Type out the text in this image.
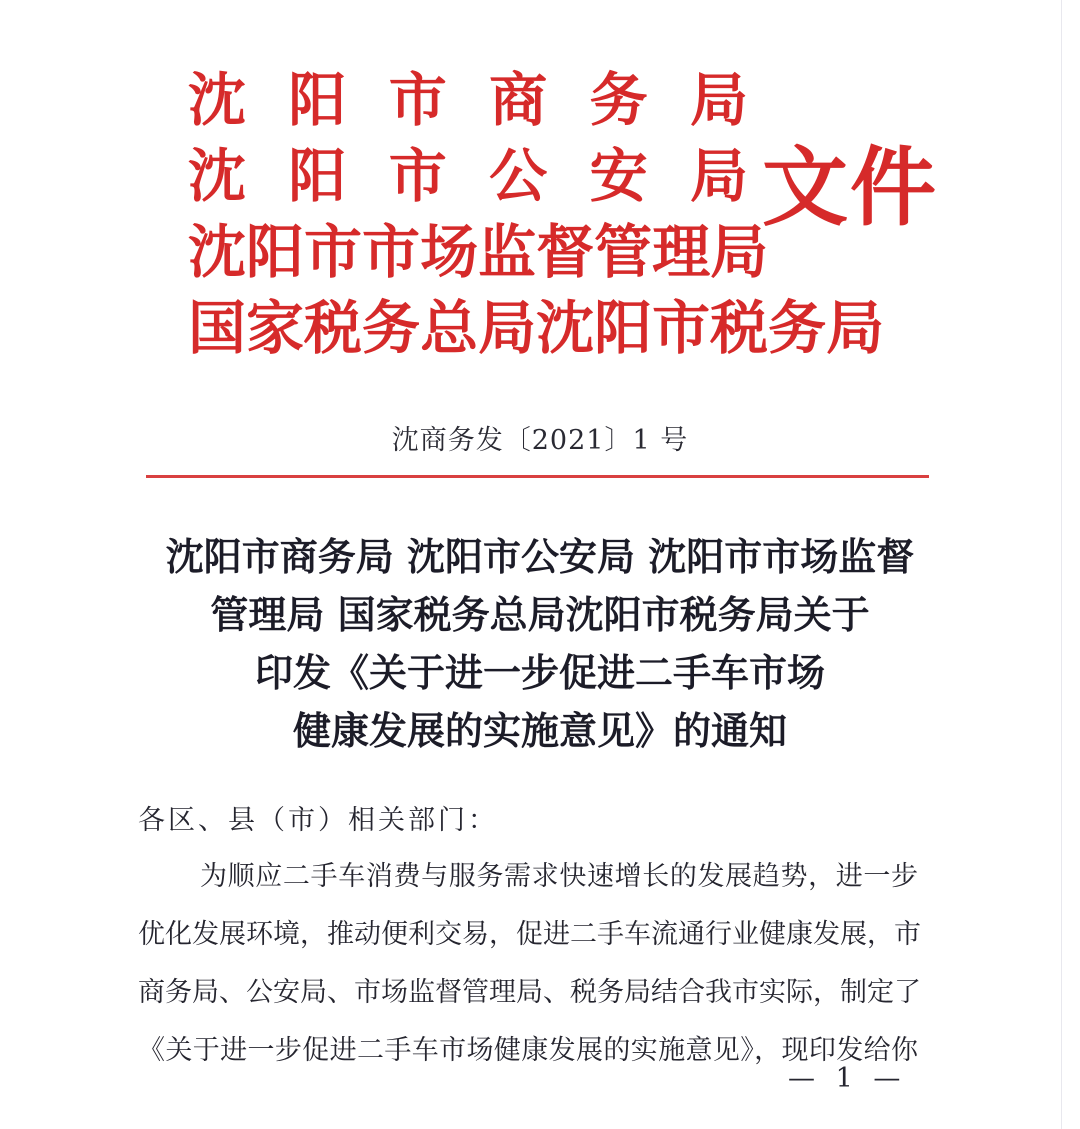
沈 阳 市 商 务 局
沈 阳 市 公 安 局
沈 阳 市 市 场 监 督 管 理 局
国 家 税 务 总 局 沈 阳 市 税 务 局
文件
沈商务发〔2021〕1 号
沈阳市商务局 沈阳市公安局 沈阳市市场监督
管理局 国家税务总局沈阳市税务局关于
印发《关于进一步促进二手车市场
健康发展的实施意见》的通知
各区、县（市）相关部门：
为顺应二手车消费与服务需求快速增长的发展趋势，进一步
优化发展环境，推动便利交易，促进二手车流通行业健康发展，市
商务局、公安局、市场监督管理局、税务局结合我市实际，制定了
《关于进一步促进二手车市场健康发展的实施意见》，现印发给你
— 1 —
